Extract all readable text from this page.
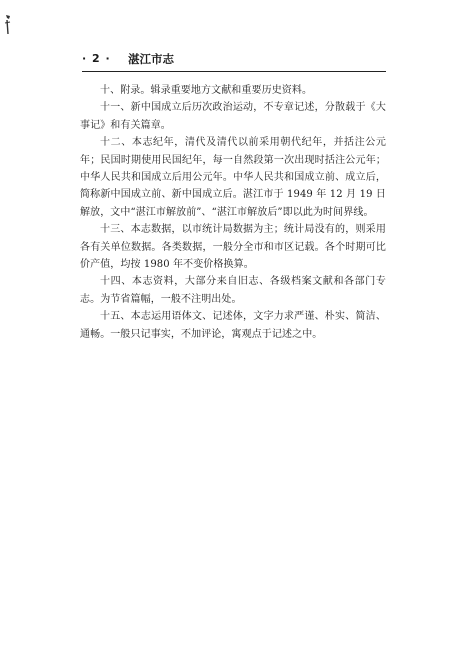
· 2 · 湛江市志

十、附录。辑录重要地方文献和重要历史资料。

十一、新中国成立后历次政治运动，不专章记述，分散载于《大事记》和有关篇章。

十二、本志纪年，清代及清代以前采用朝代纪年，并括注公元年；民国时期使用民国纪年，每一自然段第一次出现时括注公元年；中华人民共和国成立后用公元年。中华人民共和国成立前、成立后，简称新中国成立前、新中国成立后。湛江市于 1949 年 12 月 19 日解放，文中“湛江市解放前”、“湛江市解放后”即以此为时间界线。

十三、本志数据，以市统计局数据为主；统计局没有的，则采用各有关单位数据。各类数据，一般分全市和市区记载。各个时期可比价产值，均按 1980 年不变价格换算。

十四、本志资料，大部分来自旧志、各级档案文献和各部门专志。为节省篇幅，一般不注明出处。

十五、本志运用语体文、记述体，文字力求严谨、朴实、简洁、通畅。一般只记事实，不加评论，寓观点于记述之中。
